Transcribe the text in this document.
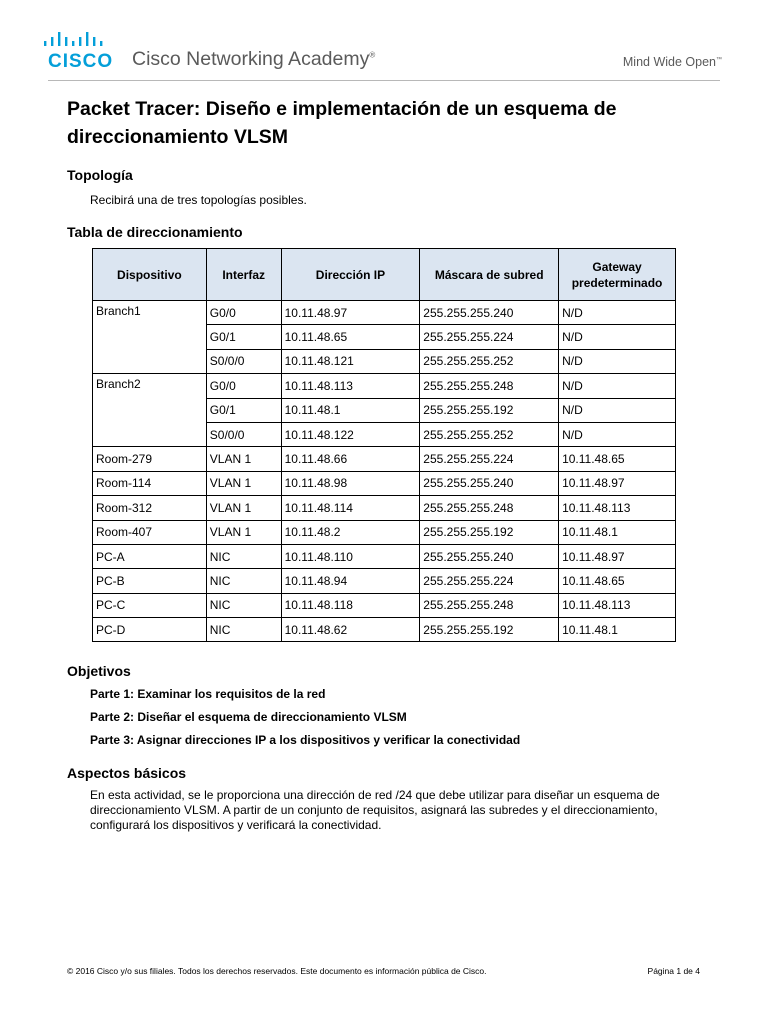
CISCO Cisco Networking Academy®	Mind Wide Open™
Packet Tracer: Diseño e implementación de un esquema de direccionamiento VLSM
Topología

Recibirá una de tres topologías posibles.

Tabla de direccionamiento
Dispositivo	Interfaz	Dirección IP	Máscara de subred	Gateway predeterminado
Branch1	G0/0	10.11.48.97	255.255.255.240	N/D
	G0/1	10.11.48.65	255.255.255.224	N/D
	S0/0/0	10.11.48.121	255.255.255.252	N/D
Branch2	G0/0	10.11.48.113	255.255.255.248	N/D
	G0/1	10.11.48.1	255.255.255.192	N/D
	S0/0/0	10.11.48.122	255.255.255.252	N/D
Room-279	VLAN 1	10.11.48.66	255.255.255.224	10.11.48.65
Room-114	VLAN 1	10.11.48.98	255.255.255.240	10.11.48.97
Room-312	VLAN 1	10.11.48.114	255.255.255.248	10.11.48.113
Room-407	VLAN 1	10.11.48.2	255.255.255.192	10.11.48.1
PC-A	NIC	10.11.48.110	255.255.255.240	10.11.48.97
PC-B	NIC	10.11.48.94	255.255.255.224	10.11.48.65
PC-C	NIC	10.11.48.118	255.255.255.248	10.11.48.113
PC-D	NIC	10.11.48.62	255.255.255.192	10.11.48.1
Objetivos

Parte 1: Examinar los requisitos de la red

Parte 2: Diseñar el esquema de direccionamiento VLSM

Parte 3: Asignar direcciones IP a los dispositivos y verificar la conectividad

Aspectos básicos

En esta actividad, se le proporciona una dirección de red /24 que debe utilizar para diseñar un esquema de direccionamiento VLSM. A partir de un conjunto de requisitos, asignará las subredes y el direccionamiento, configurará los dispositivos y verificará la conectividad.

© 2016 Cisco y/o sus filiales. Todos los derechos reservados. Este documento es información pública de Cisco.	Página 1 de 4
